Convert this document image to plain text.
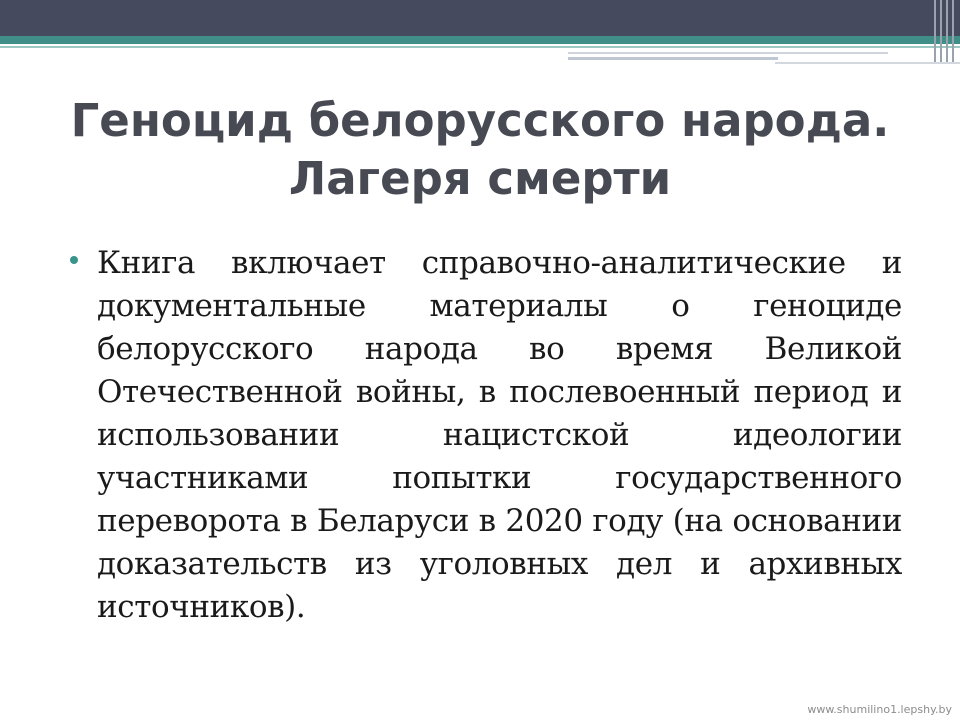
Геноцид белорусского народа.
Лагеря смерти
Книга включает справочно-аналитические и документальные материалы о геноциде белорусского народа во время Великой Отечественной войны, в послевоенный период и использовании нацистской идеологии участниками попытки государственного переворота в Беларуси в 2020 году (на основании доказательств из уголовных дел и архивных источников).
www.shumilino1.lepshy.by
